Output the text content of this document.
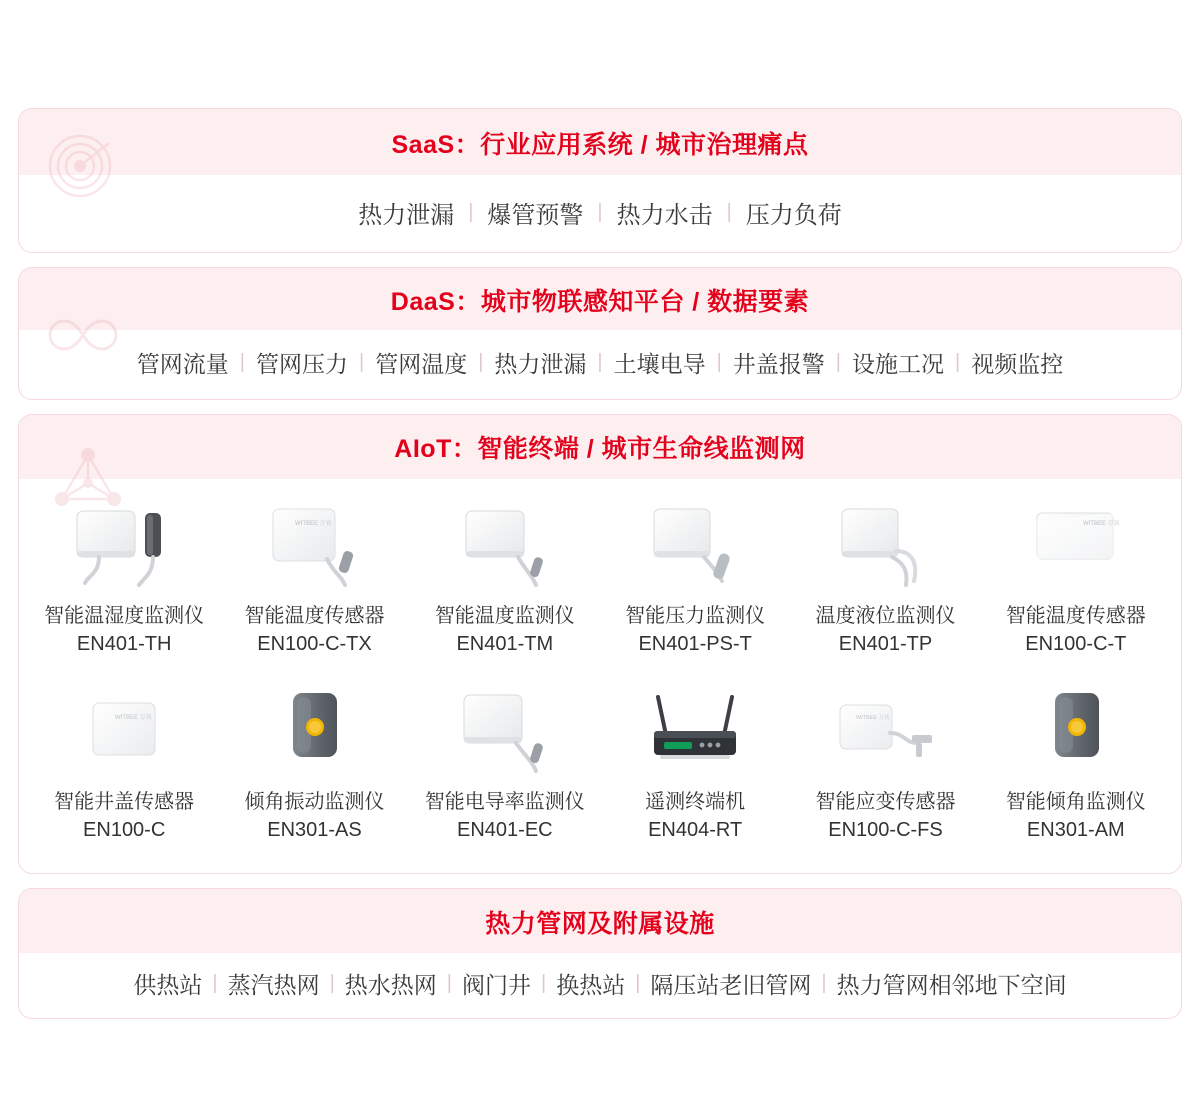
SaaS：行业应用系统 / 城市治理痛点
热力泄漏 | 爆管预警 | 热力水击 | 压力负荷
DaaS：城市物联感知平台 / 数据要素
管网流量 | 管网压力 | 管网温度 | 热力泄漏 | 土壤电导 | 井盖报警 | 设施工况 | 视频监控
AIoT：智能终端 / 城市生命线监测网
智能温湿度监测仪
EN401-TH
WITBEE 万宾
智能温度传感器
EN100-C-TX
智能温度监测仪
EN401-TM
智能压力监测仪
EN401-PS-T
温度液位监测仪
EN401-TP
WITBEE 万宾
智能温度传感器
EN100-C-T
WITBEE 万宾
智能井盖传感器
EN100-C
倾角振动监测仪
EN301-AS
智能电导率监测仪
EN401-EC
遥测终端机
EN404-RT
WITBEE 万宾
智能应变传感器
EN100-C-FS
智能倾角监测仪
EN301-AM
热力管网及附属设施
供热站 | 蒸汽热网 | 热水热网 | 阀门井 | 换热站 | 隔压站老旧管网 | 热力管网相邻地下空间
